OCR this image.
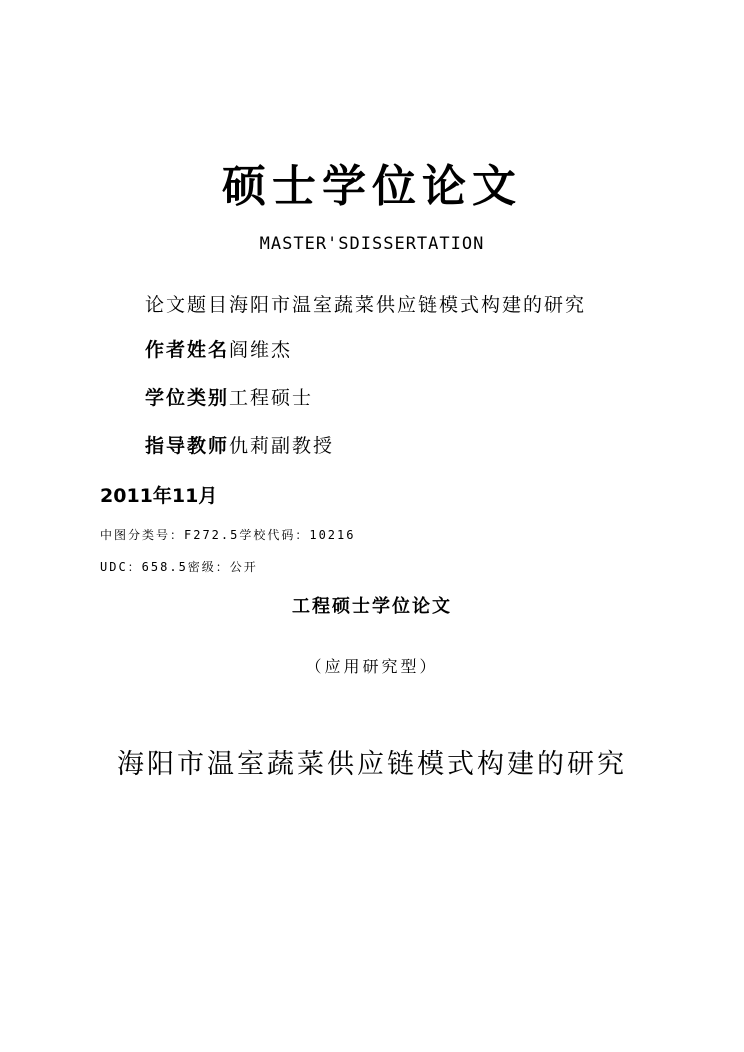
硕士学位论文
MASTER'SDISSERTATION
论文题目海阳市温室蔬菜供应链模式构建的研究
作者姓名阎维杰
学位类别工程硕士
指导教师仇莉副教授
2011年11月
中图分类号：F272.5学校代码：10216
UDC：658.5密级：公开
工程硕士学位论文
（应用研究型）
海阳市温室蔬菜供应链模式构建的研究
